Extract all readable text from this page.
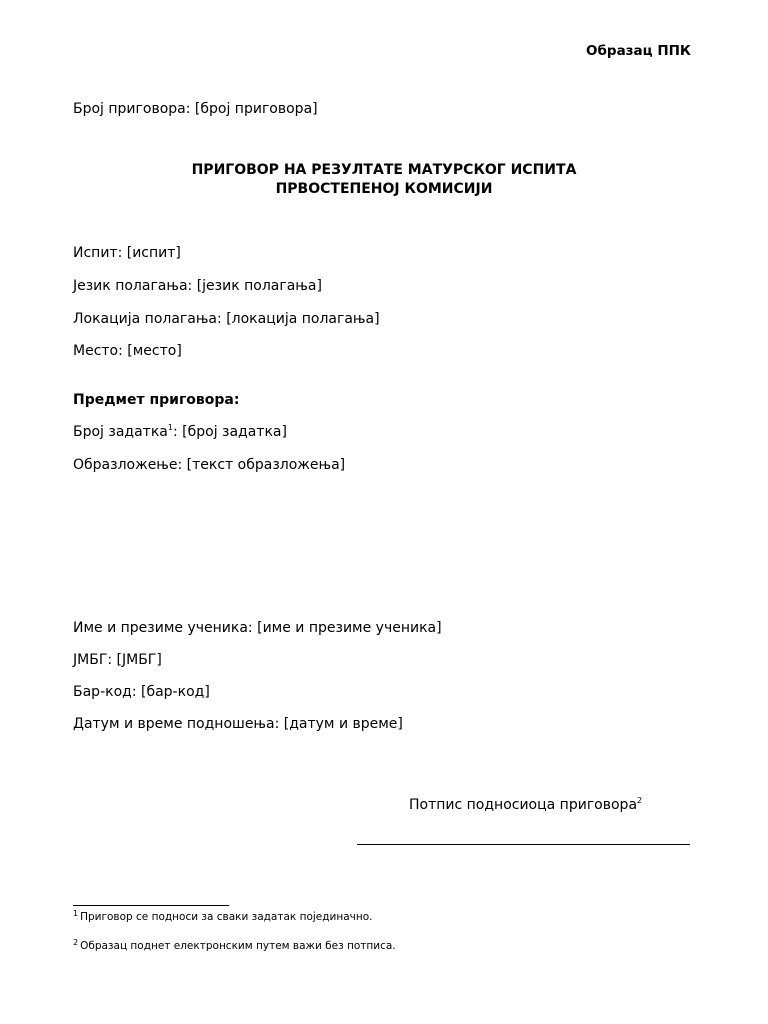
Образац ППК
Број приговора: [број приговора]
ПРИГОВОР НА РЕЗУЛТАТЕ МАТУРСКОГ ИСПИТА
ПРВОСТЕПЕНОЈ КОМИСИЈИ
Испит: [испит]
Језик полагања: [језик полагања]
Локација полагања: [локација полагања]
Место: [место]
Предмет приговора:
Број задатка$^1$: [број задатка]
Образложење: [текст образложења]
Име и презиме ученика: [име и презиме ученика]
ЈМБГ: [ЈМБГ]
Бар-код: [бар-код]
Датум и време подношења: [датум и време]
Потпис подносиоца приговора$^2$
$^1$ Приговор се подноси за сваки задатак појединачно.
$^2$ Образац поднет електронским путем важи без потписа.
